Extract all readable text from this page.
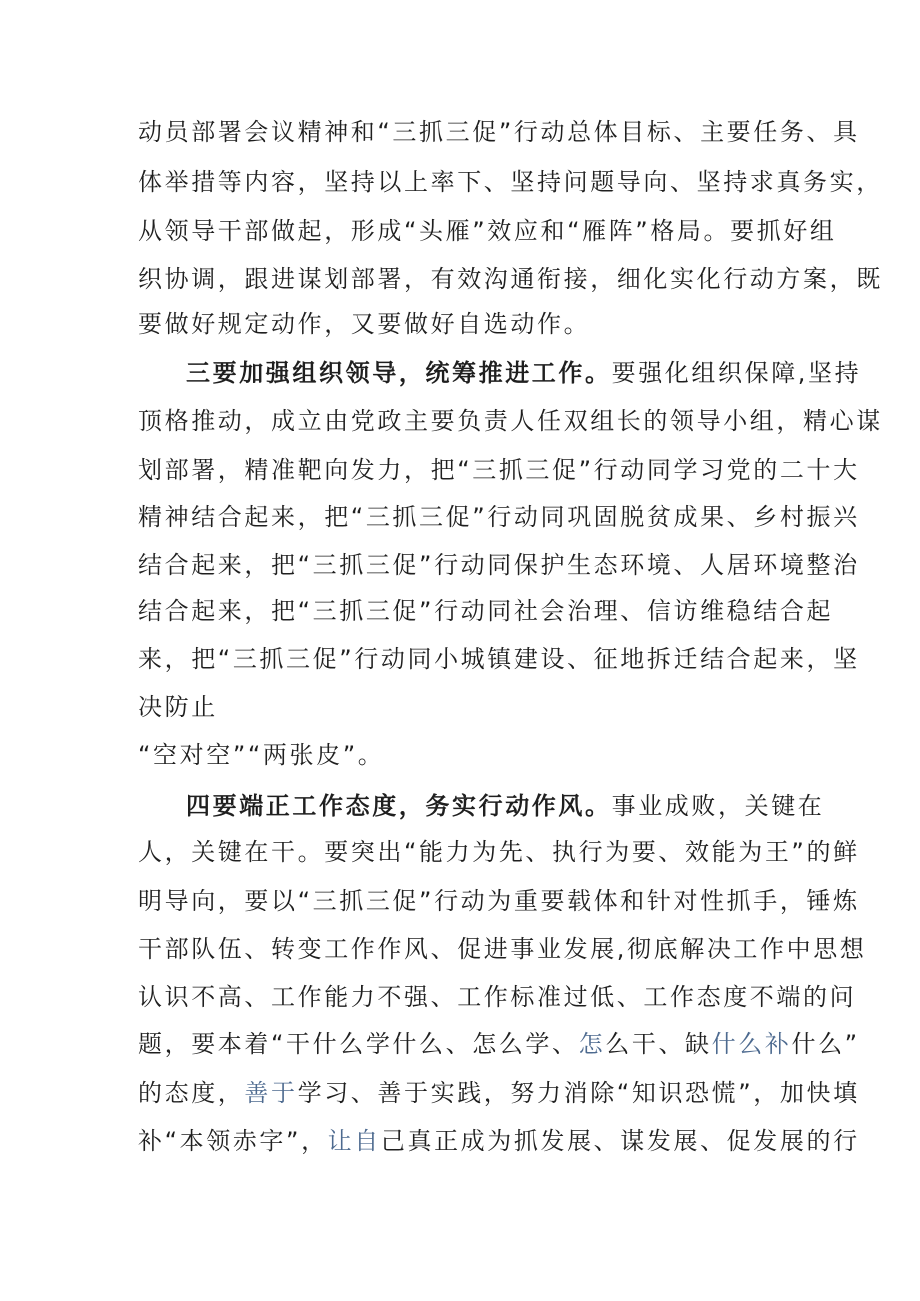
动员部署会议精神和“三抓三促”行动总体目标、主要任务、具
体举措等内容，坚持以上率下、坚持问题导向、坚持求真务实，
从领导干部做起，形成“头雁”效应和“雁阵”格局。要抓好组
织协调，跟进谋划部署，有效沟通衔接，细化实化行动方案，既
要做好规定动作，又要做好自选动作。
三要加强组织领导，统筹推进工作。要强化组织保障,坚持
顶格推动，成立由党政主要负责人任双组长的领导小组，精心谋
划部署，精准靶向发力，把“三抓三促”行动同学习党的二十大
精神结合起来，把“三抓三促”行动同巩固脱贫成果、乡村振兴
结合起来，把“三抓三促”行动同保护生态环境、人居环境整治
结合起来，把“三抓三促”行动同社会治理、信访维稳结合起
来，把“三抓三促”行动同小城镇建设、征地拆迁结合起来，坚
决防止
“空对空”“两张皮”。
四要端正工作态度，务实行动作风。事业成败，关键在
人，关键在干。要突出“能力为先、执行为要、效能为王”的鲜
明导向，要以“三抓三促”行动为重要载体和针对性抓手，锤炼
干部队伍、转变工作作风、促进事业发展,彻底解决工作中思想
认识不高、工作能力不强、工作标准过低、工作态度不端的问
题，要本着“干什么学什么、怎么学、怎么干、缺什么补什么”
的态度，善于学习、善于实践，努力消除“知识恐慌”，加快填
补“本领赤字”，让自己真正成为抓发展、谋发展、促发展的行
